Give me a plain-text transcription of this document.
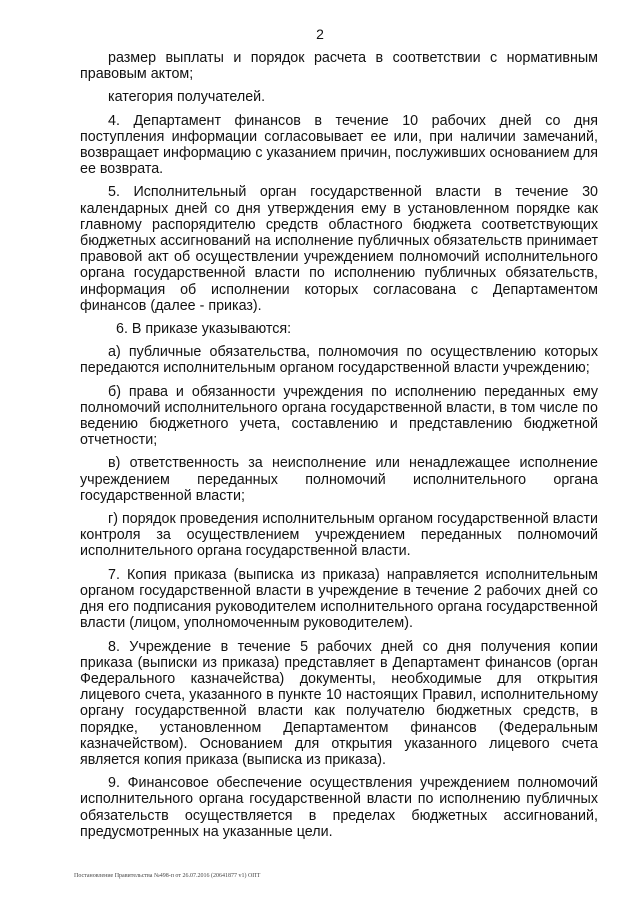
2

размер выплаты и порядок расчета в соответствии с нормативным правовым актом;

категория получателей.

4. Департамент финансов в течение 10 рабочих дней со дня поступления информации согласовывает ее или, при наличии замечаний, возвращает информацию с указанием причин, послуживших основанием для ее возврата.

5. Исполнительный орган государственной власти в течение 30 календарных дней со дня утверждения ему в установленном порядке как главному распорядителю средств областного бюджета соответствующих бюджетных ассигнований на исполнение публичных обязательств принимает правовой акт об осуществлении учреждением полномочий исполнительного органа государственной власти по исполнению публичных обязательств, информация об исполнении которых согласована с Департаментом финансов (далее - приказ).

6. В приказе указываются:

а) публичные обязательства, полномочия по осуществлению которых передаются исполнительным органом государственной власти учреждению;

б) права и обязанности учреждения по исполнению переданных ему полномочий исполнительного органа государственной власти, в том числе по ведению бюджетного учета, составлению и представлению бюджетной отчетности;

в) ответственность за неисполнение или ненадлежащее исполнение учреждением переданных полномочий исполнительного органа государственной власти;

г) порядок проведения исполнительным органом государственной власти контроля за осуществлением учреждением переданных полномочий исполнительного органа государственной власти.

7. Копия приказа (выписка из приказа) направляется исполнительным органом государственной власти в учреждение в течение 2 рабочих дней со дня его подписания руководителем исполнительного органа государственной власти (лицом, уполномоченным руководителем).

8. Учреждение в течение 5 рабочих дней со дня получения копии приказа (выписки из приказа) представляет в Департамент финансов (орган Федерального казначейства) документы, необходимые для открытия лицевого счета, указанного в пункте 10 настоящих Правил, исполнительному органу государственной власти как получателю бюджетных средств, в порядке, установленном Департаментом финансов (Федеральным казначейством). Основанием для открытия указанного лицевого счета является копия приказа (выписка из приказа).

9. Финансовое обеспечение осуществления учреждением полномочий исполнительного органа государственной власти по исполнению публичных обязательств осуществляется в пределах бюджетных ассигнований, предусмотренных на указанные цели.

Постановление Правительства №498-п от 26.07.2016 (20641877 v1) ОПТ
